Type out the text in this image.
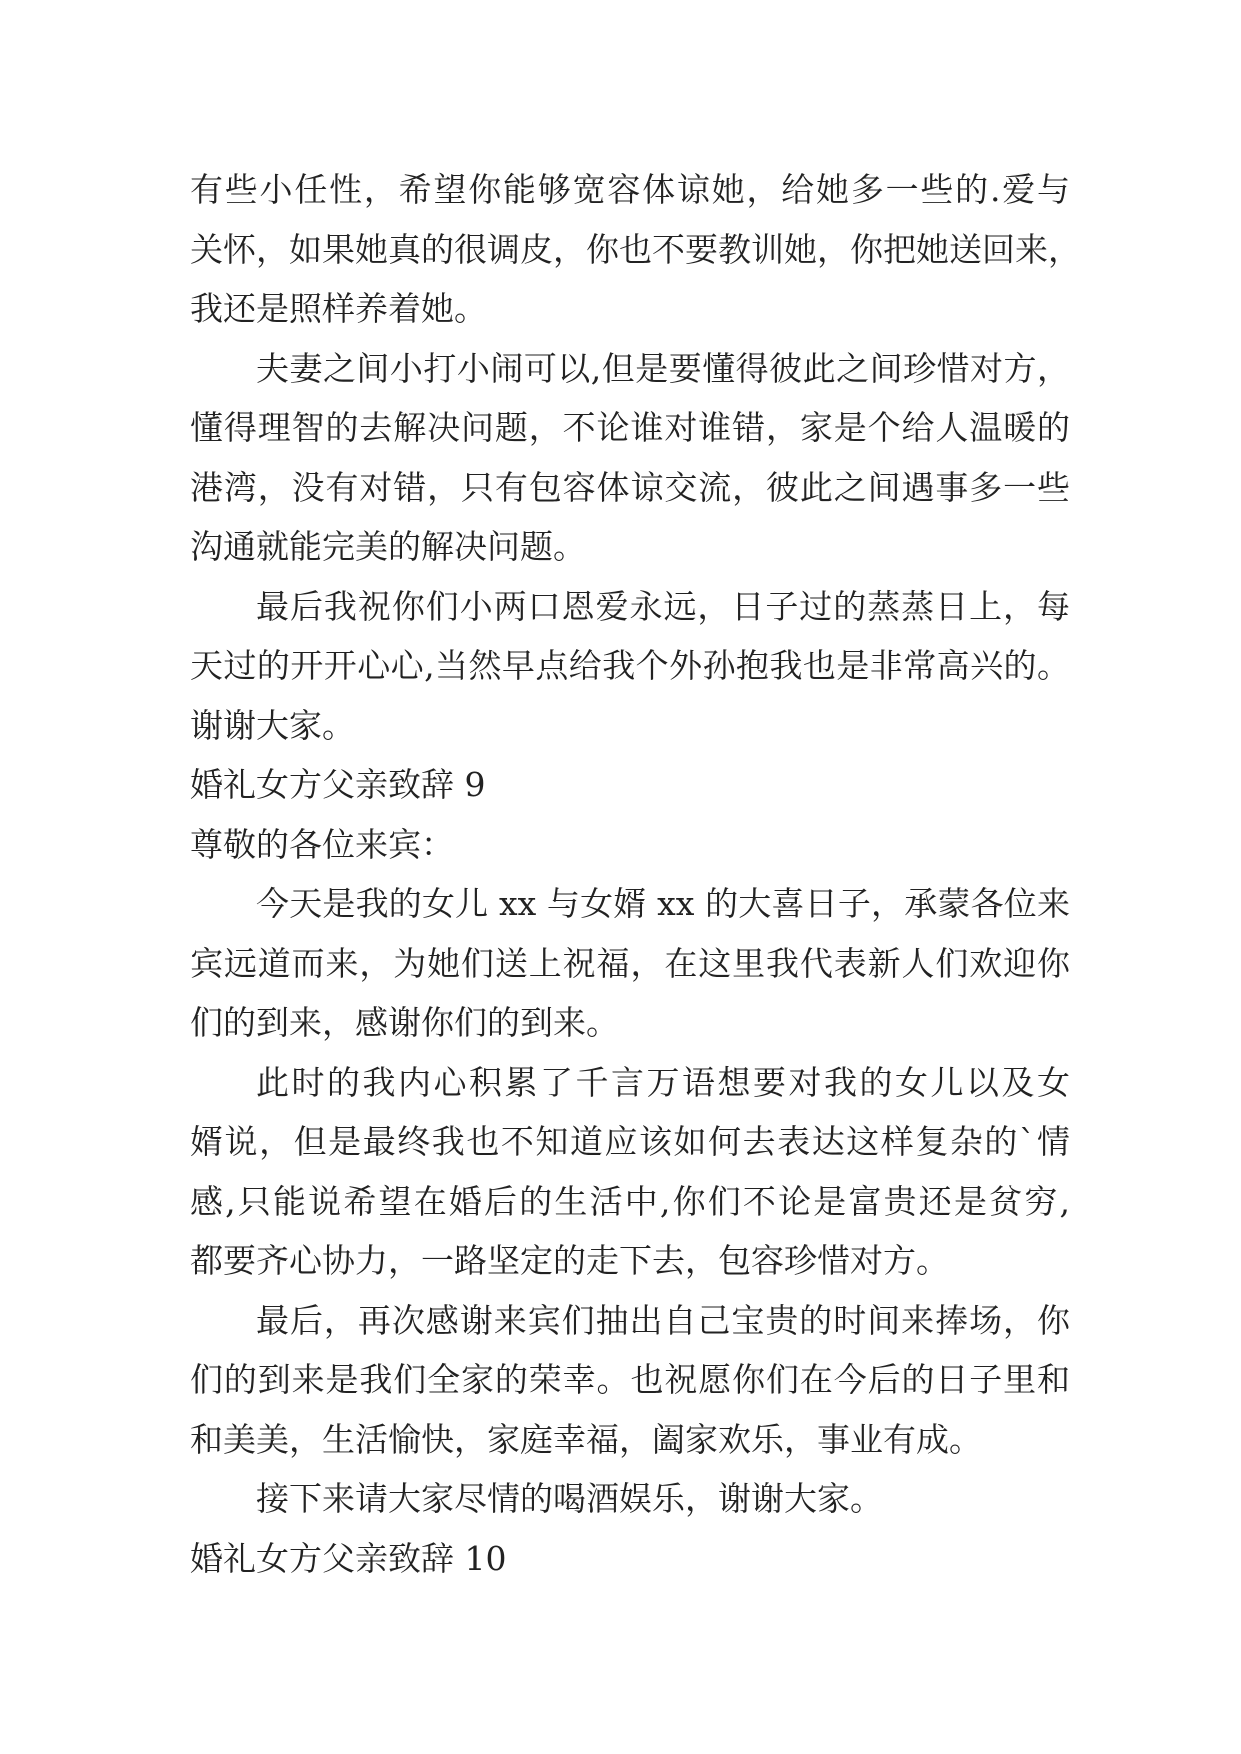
有些小任性，希望你能够宽容体谅她，给她多一些的.爱与
关怀，如果她真的很调皮，你也不要教训她，你把她送回来，
我还是照样养着她。
夫妻之间小打小闹可以,但是要懂得彼此之间珍惜对方，
懂得理智的去解决问题，不论谁对谁错，家是个给人温暖的
港湾，没有对错，只有包容体谅交流，彼此之间遇事多一些
沟通就能完美的解决问题。
最后我祝你们小两口恩爱永远，日子过的蒸蒸日上，每
天过的开开心心,当然早点给我个外孙抱我也是非常高兴的。
谢谢大家。
婚礼女方父亲致辞 9
尊敬的各位来宾：
今天是我的女儿 xx 与女婿 xx 的大喜日子，承蒙各位来
宾远道而来，为她们送上祝福，在这里我代表新人们欢迎你
们的到来，感谢你们的到来。
此时的我内心积累了千言万语想要对我的女儿以及女
婿说，但是最终我也不知道应该如何去表达这样复杂的`情
感,只能说希望在婚后的生活中,你们不论是富贵还是贫穷,
都要齐心协力，一路坚定的走下去，包容珍惜对方。
最后，再次感谢来宾们抽出自己宝贵的时间来捧场，你
们的到来是我们全家的荣幸。也祝愿你们在今后的日子里和
和美美，生活愉快，家庭幸福，阖家欢乐，事业有成。
接下来请大家尽情的喝酒娱乐，谢谢大家。
婚礼女方父亲致辞 10
